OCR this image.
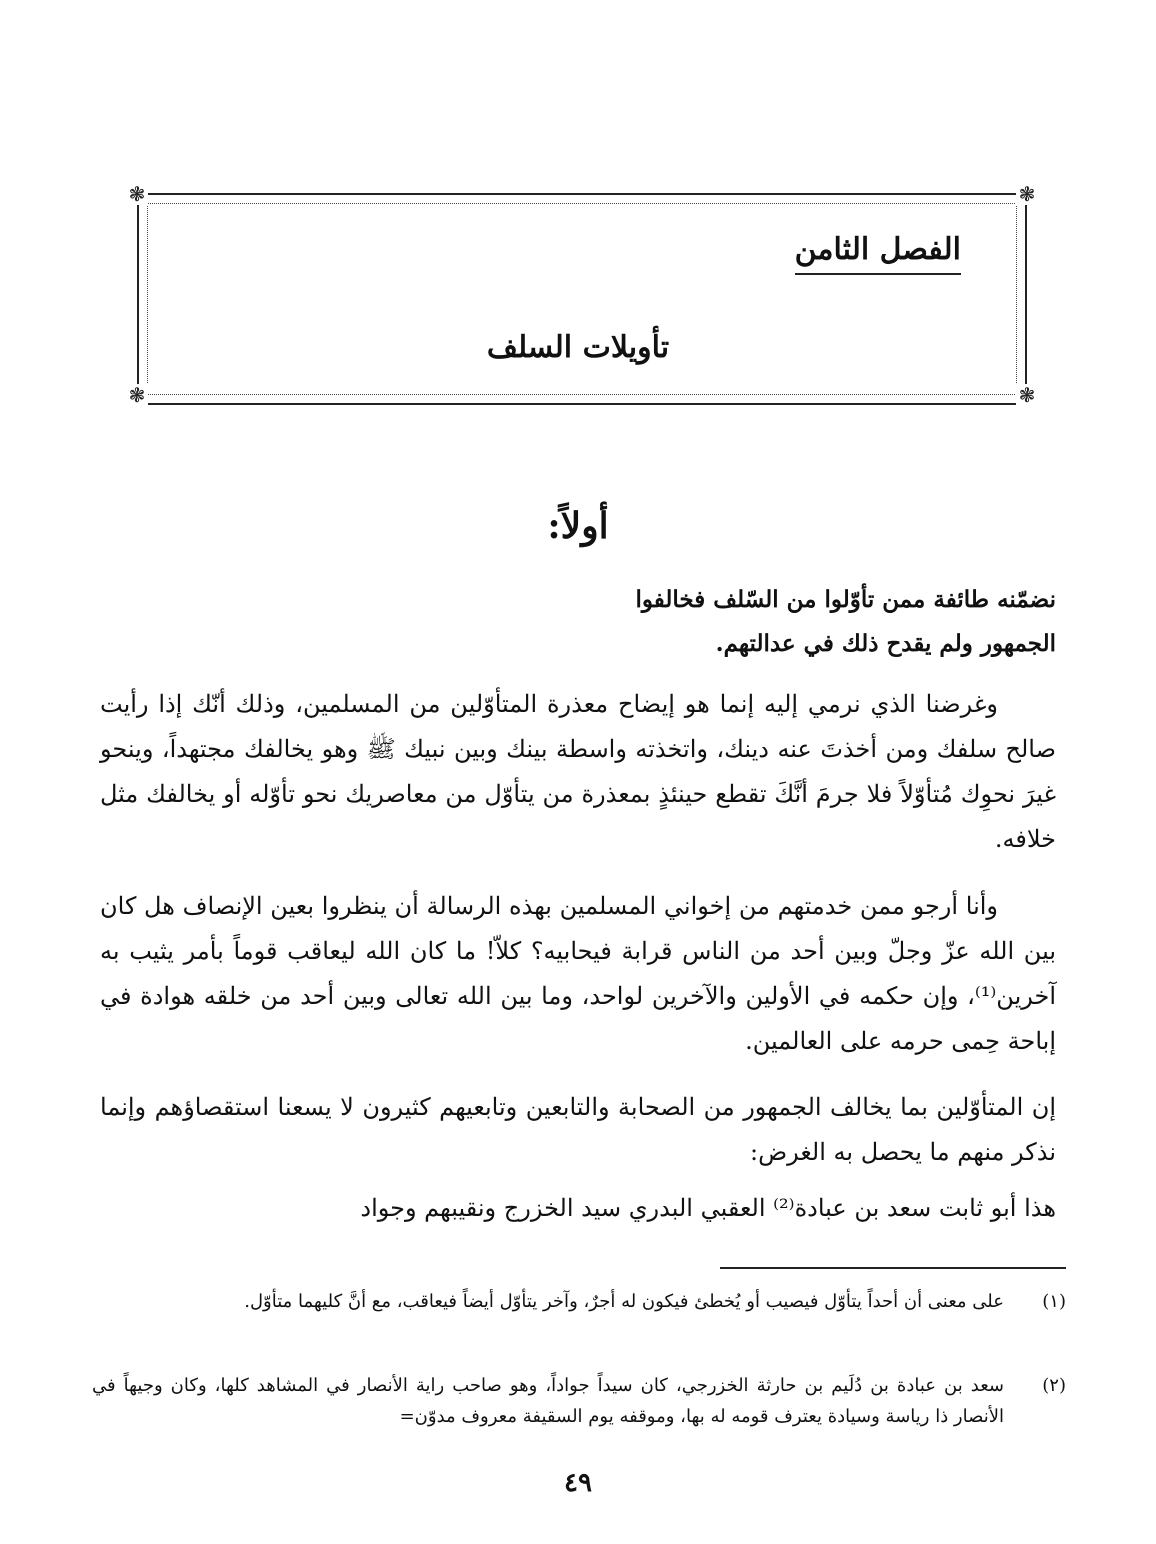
❃	❃
❃	❃
الفصل الثامن
تأويلات السلف
أولاً:
نضمّنه طائفة ممن تأوّلوا من السّلف فخالفوا الجمهور ولم يقدح ذلك في عدالتهم.
وغرضنا الذي نرمي إليه إنما هو إيضاح معذرة المتأوّلين من المسلمين، وذلك أنّك إذا رأيت صالح سلفك ومن أخذتَ عنه دينك، واتخذته واسطة بينك وبين نبيك ﷺ وهو يخالفك مجتهداً، وينحو غيرَ نحوِك مُتأوّلاً فلا جرمَ أنَّكَ تقطع حينئذٍ بمعذرة من يتأوّل من معاصريك نحو تأوّله أو يخالفك مثل خلافه.
وأنا أرجو ممن خدمتهم من إخواني المسلمين بهذه الرسالة أن ينظروا بعين الإنصاف هل كان بين الله عزّ وجلّ وبين أحد من الناس قرابة فيحابيه؟ كلاّ! ما كان الله ليعاقب قوماً بأمر يثيب به آخرين⁽¹⁾، وإن حكمه في الأولين والآخرين لواحد، وما بين الله تعالى وبين أحد من خلقه هوادة في إباحة حِمى حرمه على العالمين.
إن المتأوّلين بما يخالف الجمهور من الصحابة والتابعين وتابعيهم كثيرون لا يسعنا استقصاؤهم وإنما نذكر منهم ما يحصل به الغرض:
هذا أبو ثابت سعد بن عبادة⁽²⁾ العقبي البدري سيد الخزرج ونقيبهم وجواد
(١)
على معنى أن أحداً يتأوّل فيصيب أو يُخطئ فيكون له أجرٌ، وآخر يتأوّل أيضاً فيعاقب، مع أنَّ كليهما متأوّل.
(٢)
سعد بن عبادة بن دُلَيم بن حارثة الخزرجي، كان سيداً جواداً، وهو صاحب راية الأنصار في المشاهد كلها، وكان وجيهاً في الأنصار ذا رياسة وسيادة يعترف قومه له بها، وموقفه يوم السقيفة معروف مدوّن=
٤٩
